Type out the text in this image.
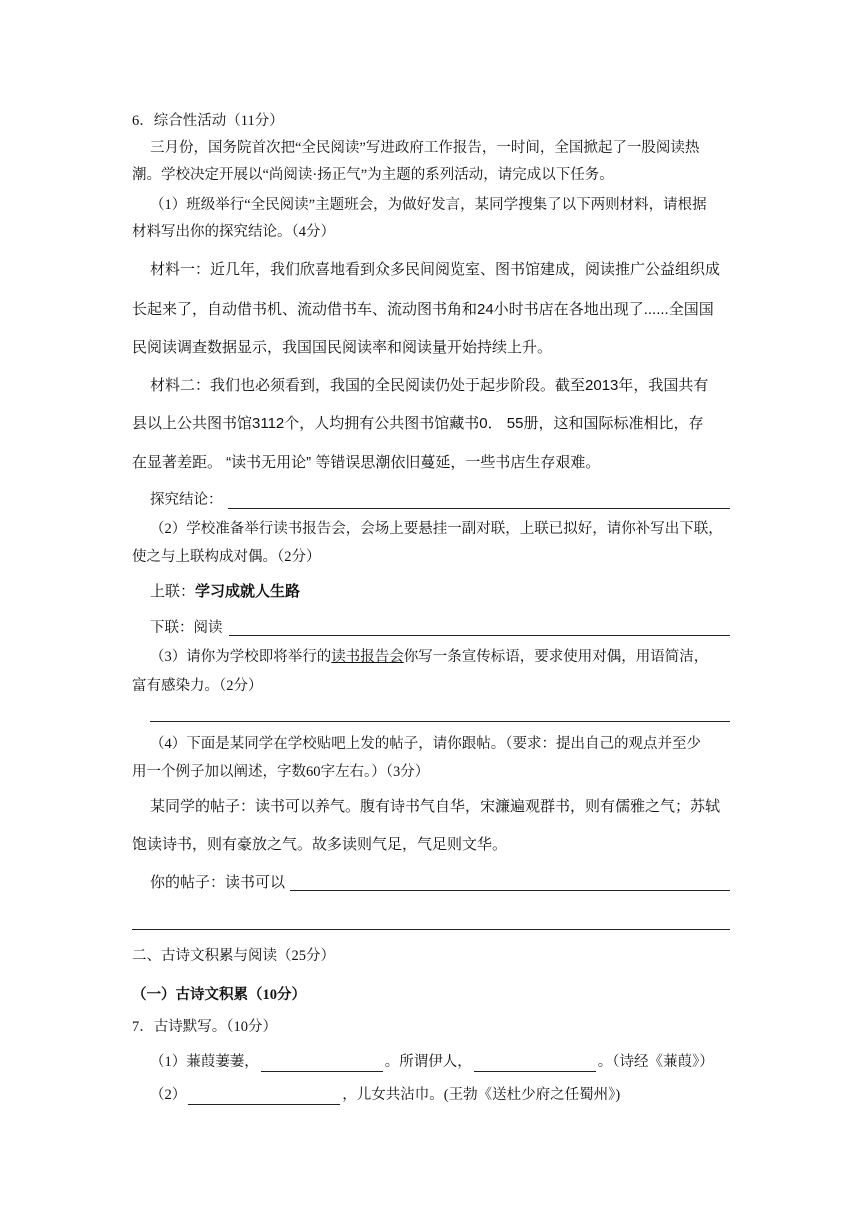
6．综合性活动（11分）
三月份，国务院首次把“全民阅读”写进政府工作报告，一时间，全国掀起了一股阅读热
潮。学校决定开展以“尚阅读·扬正气”为主题的系列活动，请完成以下任务。
（1）班级举行“全民阅读”主题班会，为做好发言，某同学搜集了以下两则材料，请根据
材料写出你的探究结论。（4分）
材料一：近几年，我们欣喜地看到众多民间阅览室、图书馆建成，阅读推广公益组织成
长起来了，自动借书机、流动借书车、流动图书角和24小时书店在各地出现了......全国国
民阅读调查数据显示，我国国民阅读率和阅读量开始持续上升。
材料二：我们也必须看到，我国的全民阅读仍处于起步阶段。截至2013年，我国共有
县以上公共图书馆3112个，人均拥有公共图书馆藏书0． 55册，这和国际标准相比，存
在显著差距。 “读书无用论” 等错误思潮依旧蔓延，一些书店生存艰难。
探究结论：
（2）学校准备举行读书报告会，会场上要悬挂一副对联，上联已拟好，请你补写出下联，
使之与上联构成对偶。（2分）
上联：学习成就人生路
下联：阅读
（3）请你为学校即将举行的读书报告会你写一条宣传标语，要求使用对偶，用语简洁，
富有感染力。（2分）
（4）下面是某同学在学校贴吧上发的帖子，请你跟帖。（要求：提出自己的观点并至少
用一个例子加以阐述，字数60字左右。）（3分）
某同学的帖子：读书可以养气。腹有诗书气自华，宋濂遍观群书，则有儒雅之气；苏轼
饱读诗书，则有豪放之气。故多读则气足，气足则文华。
你的帖子：读书可以
二、古诗文积累与阅读（25分）
（一）古诗文积累（10分）
7．古诗默写。（10分）
（1）蒹葭萋萋，	。所谓伊人，	。（诗经《蒹葭》）
（2）	，儿女共沾巾。(王勃《送杜少府之任蜀州》)
